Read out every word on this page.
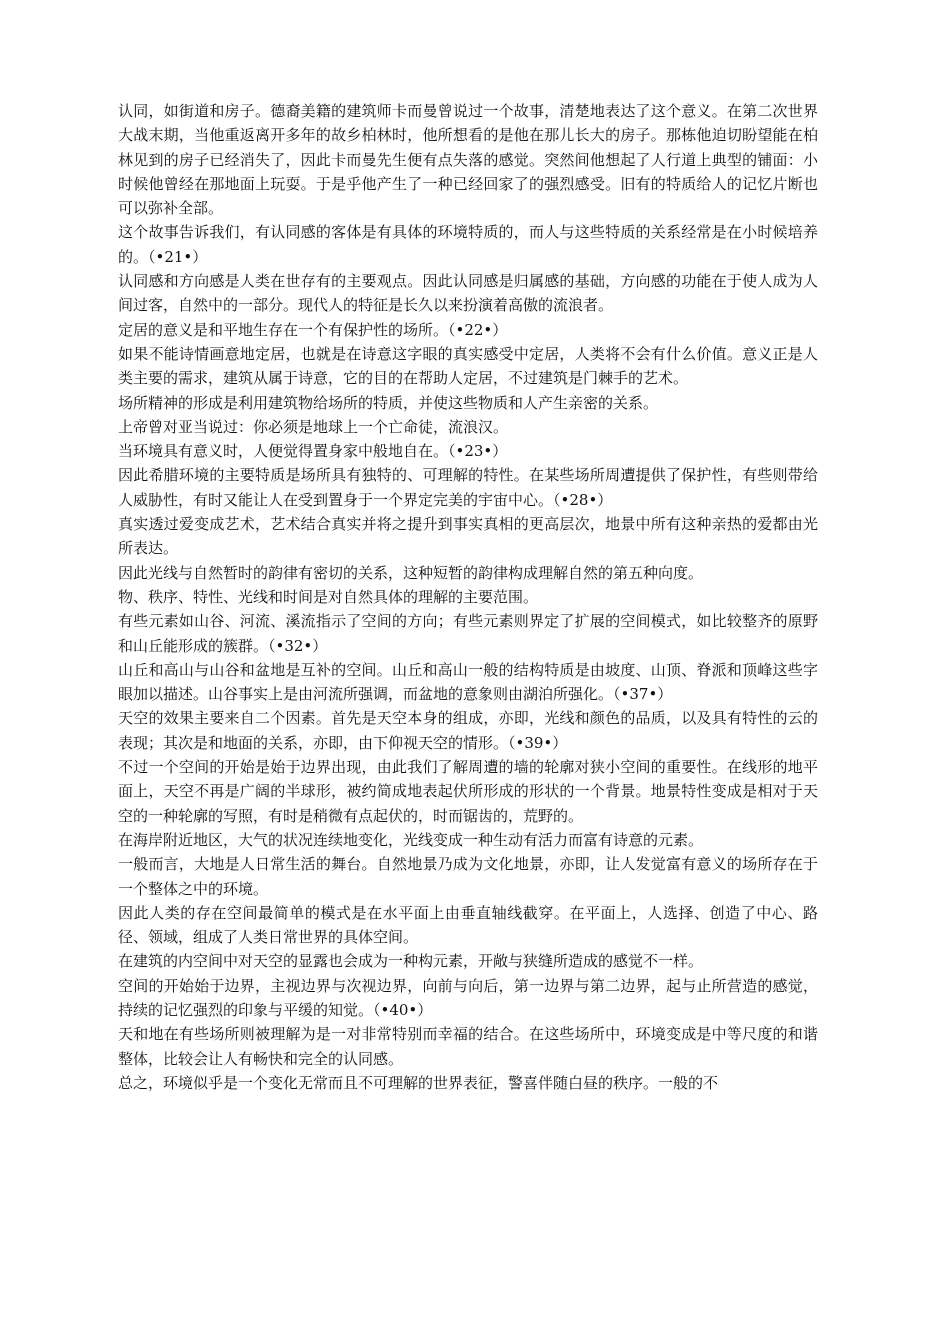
认同，如街道和房子。德裔美籍的建筑师卡而曼曾说过一个故事，清楚地表达了这个意义。在第二次世界大战末期，当他重返离开多年的故乡柏林时，他所想看的是他在那儿长大的房子。那栋他迫切盼望能在柏林见到的房子已经消失了，因此卡而曼先生便有点失落的感觉。突然间他想起了人行道上典型的铺面：小时候他曾经在那地面上玩耍。于是乎他产生了一种已经回家了的强烈感受。旧有的特质给人的记忆片断也可以弥补全部。

这个故事告诉我们，有认同感的客体是有具体的环境特质的，而人与这些特质的关系经常是在小时候培养的。（•21•）

认同感和方向感是人类在世存有的主要观点。因此认同感是归属感的基础，方向感的功能在于使人成为人间过客，自然中的一部分。现代人的特征是长久以来扮演着高傲的流浪者。

定居的意义是和平地生存在一个有保护性的场所。（•22•）

如果不能诗情画意地定居，也就是在诗意这字眼的真实感受中定居，人类将不会有什么价值。意义正是人类主要的需求，建筑从属于诗意，它的目的在帮助人定居，不过建筑是门棘手的艺术。

场所精神的形成是利用建筑物给场所的特质，并使这些物质和人产生亲密的关系。

上帝曾对亚当说过：你必须是地球上一个亡命徒，流浪汉。

当环境具有意义时，人便觉得置身家中般地自在。（•23•）

因此希腊环境的主要特质是场所具有独特的、可理解的特性。在某些场所周遭提供了保护性，有些则带给人威胁性，有时又能让人在受到置身于一个界定完美的宇宙中心。（•28•）

真实透过爱变成艺术，艺术结合真实并将之提升到事实真相的更高层次，地景中所有这种亲热的爱都由光所表达。

因此光线与自然暂时的韵律有密切的关系，这种短暂的韵律构成理解自然的第五种向度。

物、秩序、特性、光线和时间是对自然具体的理解的主要范围。

有些元素如山谷、河流、溪流指示了空间的方向；有些元素则界定了扩展的空间模式，如比较整齐的原野和山丘能形成的簇群。（•32•）

山丘和高山与山谷和盆地是互补的空间。山丘和高山一般的结构特质是由坡度、山顶、脊派和顶峰这些字眼加以描述。山谷事实上是由河流所强调，而盆地的意象则由湖泊所强化。（•37•）

天空的效果主要来自二个因素。首先是天空本身的组成，亦即，光线和颜色的品质，以及具有特性的云的表现；其次是和地面的关系，亦即，由下仰视天空的情形。（•39•）

不过一个空间的开始是始于边界出现，由此我们了解周遭的墙的轮廓对狭小空间的重要性。在线形的地平面上，天空不再是广阔的半球形，被约简成地表起伏所形成的形状的一个背景。地景特性变成是相对于天空的一种轮廓的写照，有时是稍微有点起伏的，时而锯齿的，荒野的。

在海岸附近地区，大气的状况连续地变化，光线变成一种生动有活力而富有诗意的元素。

一般而言，大地是人日常生活的舞台。自然地景乃成为文化地景，亦即，让人发觉富有意义的场所存在于一个整体之中的环境。

因此人类的存在空间最简单的模式是在水平面上由垂直轴线截穿。在平面上，人选择、创造了中心、路径、领域，组成了人类日常世界的具体空间。

在建筑的内空间中对天空的显露也会成为一种构元素，开敞与狭缝所造成的感觉不一样。

空间的开始始于边界，主视边界与次视边界，向前与向后，第一边界与第二边界，起与止所营造的感觉，持续的记忆强烈的印象与平缓的知觉。（•40•）

天和地在有些场所则被理解为是一对非常特别而幸福的结合。在这些场所中，环境变成是中等尺度的和谐整体，比较会让人有畅快和完全的认同感。

总之，环境似乎是一个变化无常而且不可理解的世界表征，警喜伴随白昼的秩序。一般的不
